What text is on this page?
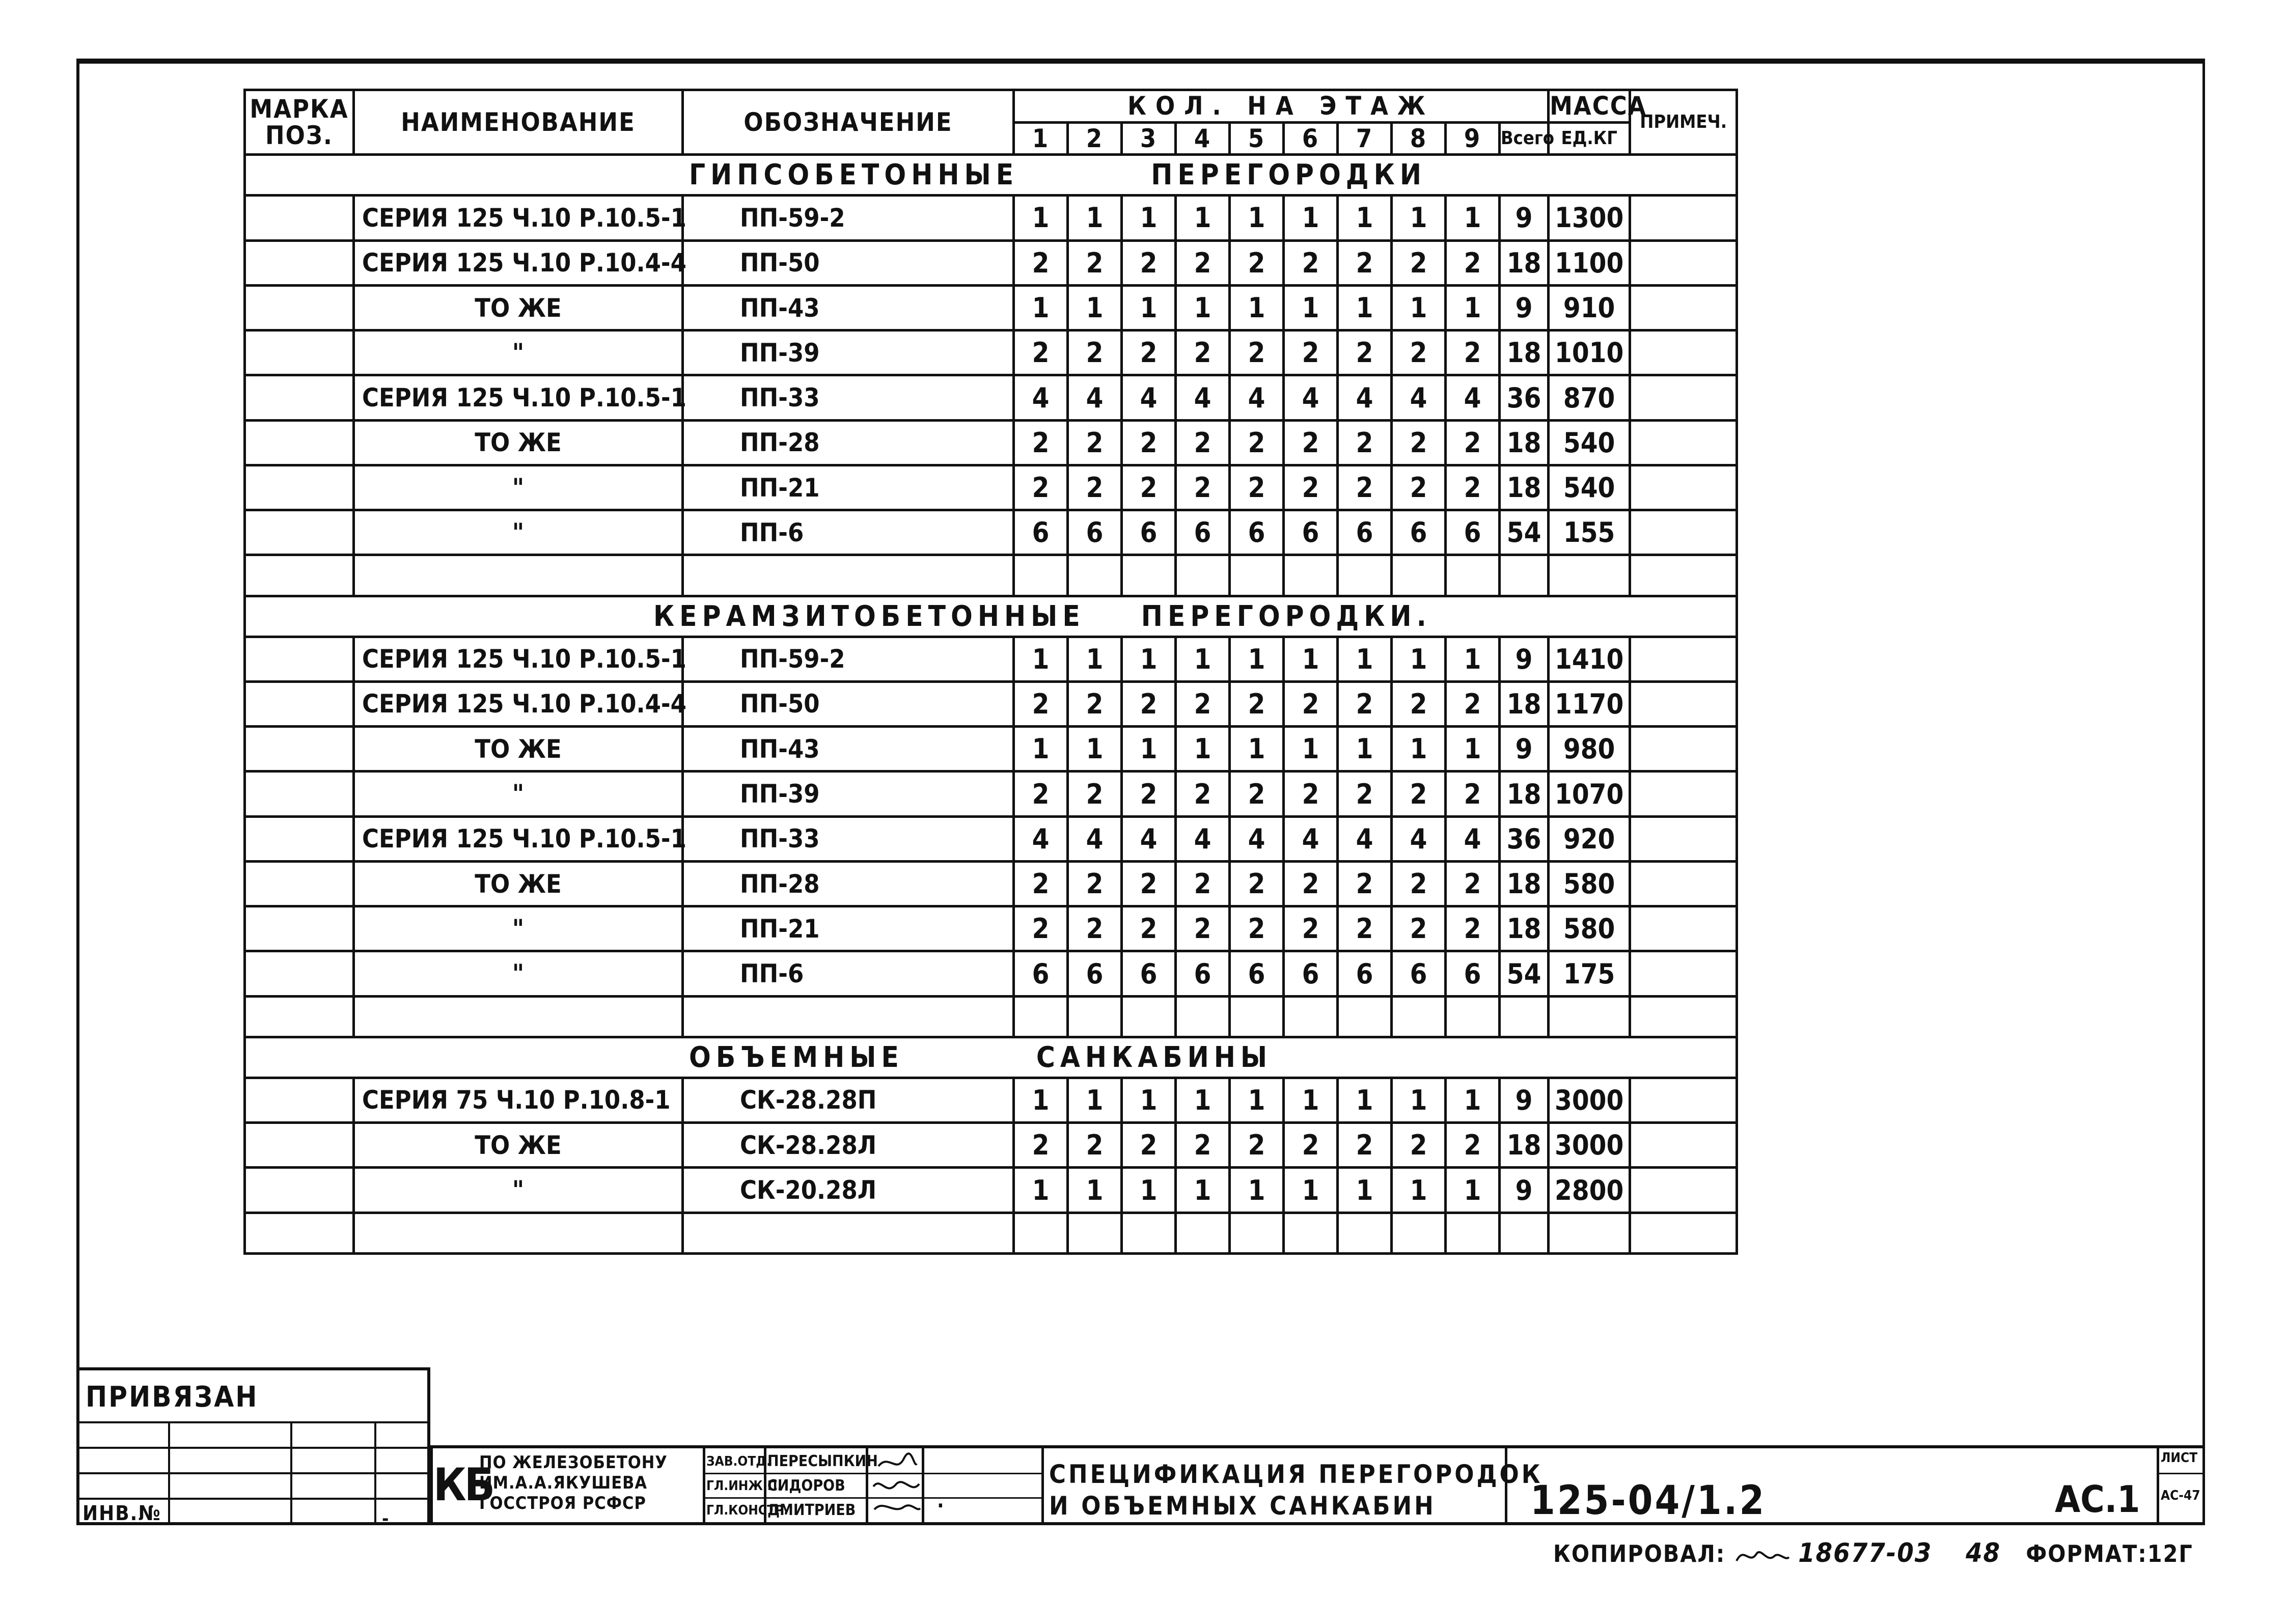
МАРКА ПОЗ.	НАИМЕНОВАНИЕ	ОБОЗНАЧЕНИЕ	КОЛ. НА ЭТАЖ										МАССА	ПРИМЕЧ.
			1	2	3	4	5	6	7	8	9	Всего	ЕД.КГ	
ГИПСОБЕТОННЫЕ ПЕРЕГОРОДКИ														
	СЕРИЯ 125 Ч.10 Р.10.5-1	ПП-59-2	1	1	1	1	1	1	1	1	1	9	1300	
	СЕРИЯ 125 Ч.10 Р.10.4-4	ПП-50	2	2	2	2	2	2	2	2	2	18	1100	
	ТО ЖЕ	ПП-43	1	1	1	1	1	1	1	1	1	9	910	
	"	ПП-39	2	2	2	2	2	2	2	2	2	18	1010	
	СЕРИЯ 125 Ч.10 Р.10.5-1	ПП-33	4	4	4	4	4	4	4	4	4	36	870	
	ТО ЖЕ	ПП-28	2	2	2	2	2	2	2	2	2	18	540	
	"	ПП-21	2	2	2	2	2	2	2	2	2	18	540	
	"	ПП-6	6	6	6	6	6	6	6	6	6	54	155	

КЕРАМЗИТОБЕТОННЫЕ ПЕРЕГОРОДКИ.														
	СЕРИЯ 125 Ч.10 Р.10.5-1	ПП-59-2	1	1	1	1	1	1	1	1	1	9	1410	
	СЕРИЯ 125 Ч.10 Р.10.4-4	ПП-50	2	2	2	2	2	2	2	2	2	18	1170	
	ТО ЖЕ	ПП-43	1	1	1	1	1	1	1	1	1	9	980	
	"	ПП-39	2	2	2	2	2	2	2	2	2	18	1070	
	СЕРИЯ 125 Ч.10 Р.10.5-1	ПП-33	4	4	4	4	4	4	4	4	4	36	920	
	ТО ЖЕ	ПП-28	2	2	2	2	2	2	2	2	2	18	580	
	"	ПП-21	2	2	2	2	2	2	2	2	2	18	580	
	"	ПП-6	6	6	6	6	6	6	6	6	6	54	175	

ОБЪЕМНЫЕ САНКАБИНЫ														
	СЕРИЯ 75 Ч.10 Р.10.8-1	СК-28.28П	1	1	1	1	1	1	1	1	1	9	3000	
	ТО ЖЕ	СК-28.28Л	2	2	2	2	2	2	2	2	2	18	3000	
	"	СК-20.28Л	1	1	1	1	1	1	1	1	1	9	2800	

ПРИВЯЗАН
ИНВ.№	-
КБ
ПО ЖЕЛЕЗОБЕТОНУ
ИМ.А.А.ЯКУШЕВА
ГОССТРОЯ РСФСР
ЗАВ.ОТД.
ГЛ.ИНЖ.П.
ГЛ.КОНСТР.
ПЕРЕСЫПКИН
СИДОРОВ
ДМИТРИЕВ	·
СПЕЦИФИКАЦИЯ ПЕРЕГОРОДОК
И ОБЪЕМНЫХ САНКАБИН	125-04/1.2	АС.1
ЛИСТ
АС-47
КОПИРОВАЛ:	18677-03 48 ФОРМАТ:12Г
